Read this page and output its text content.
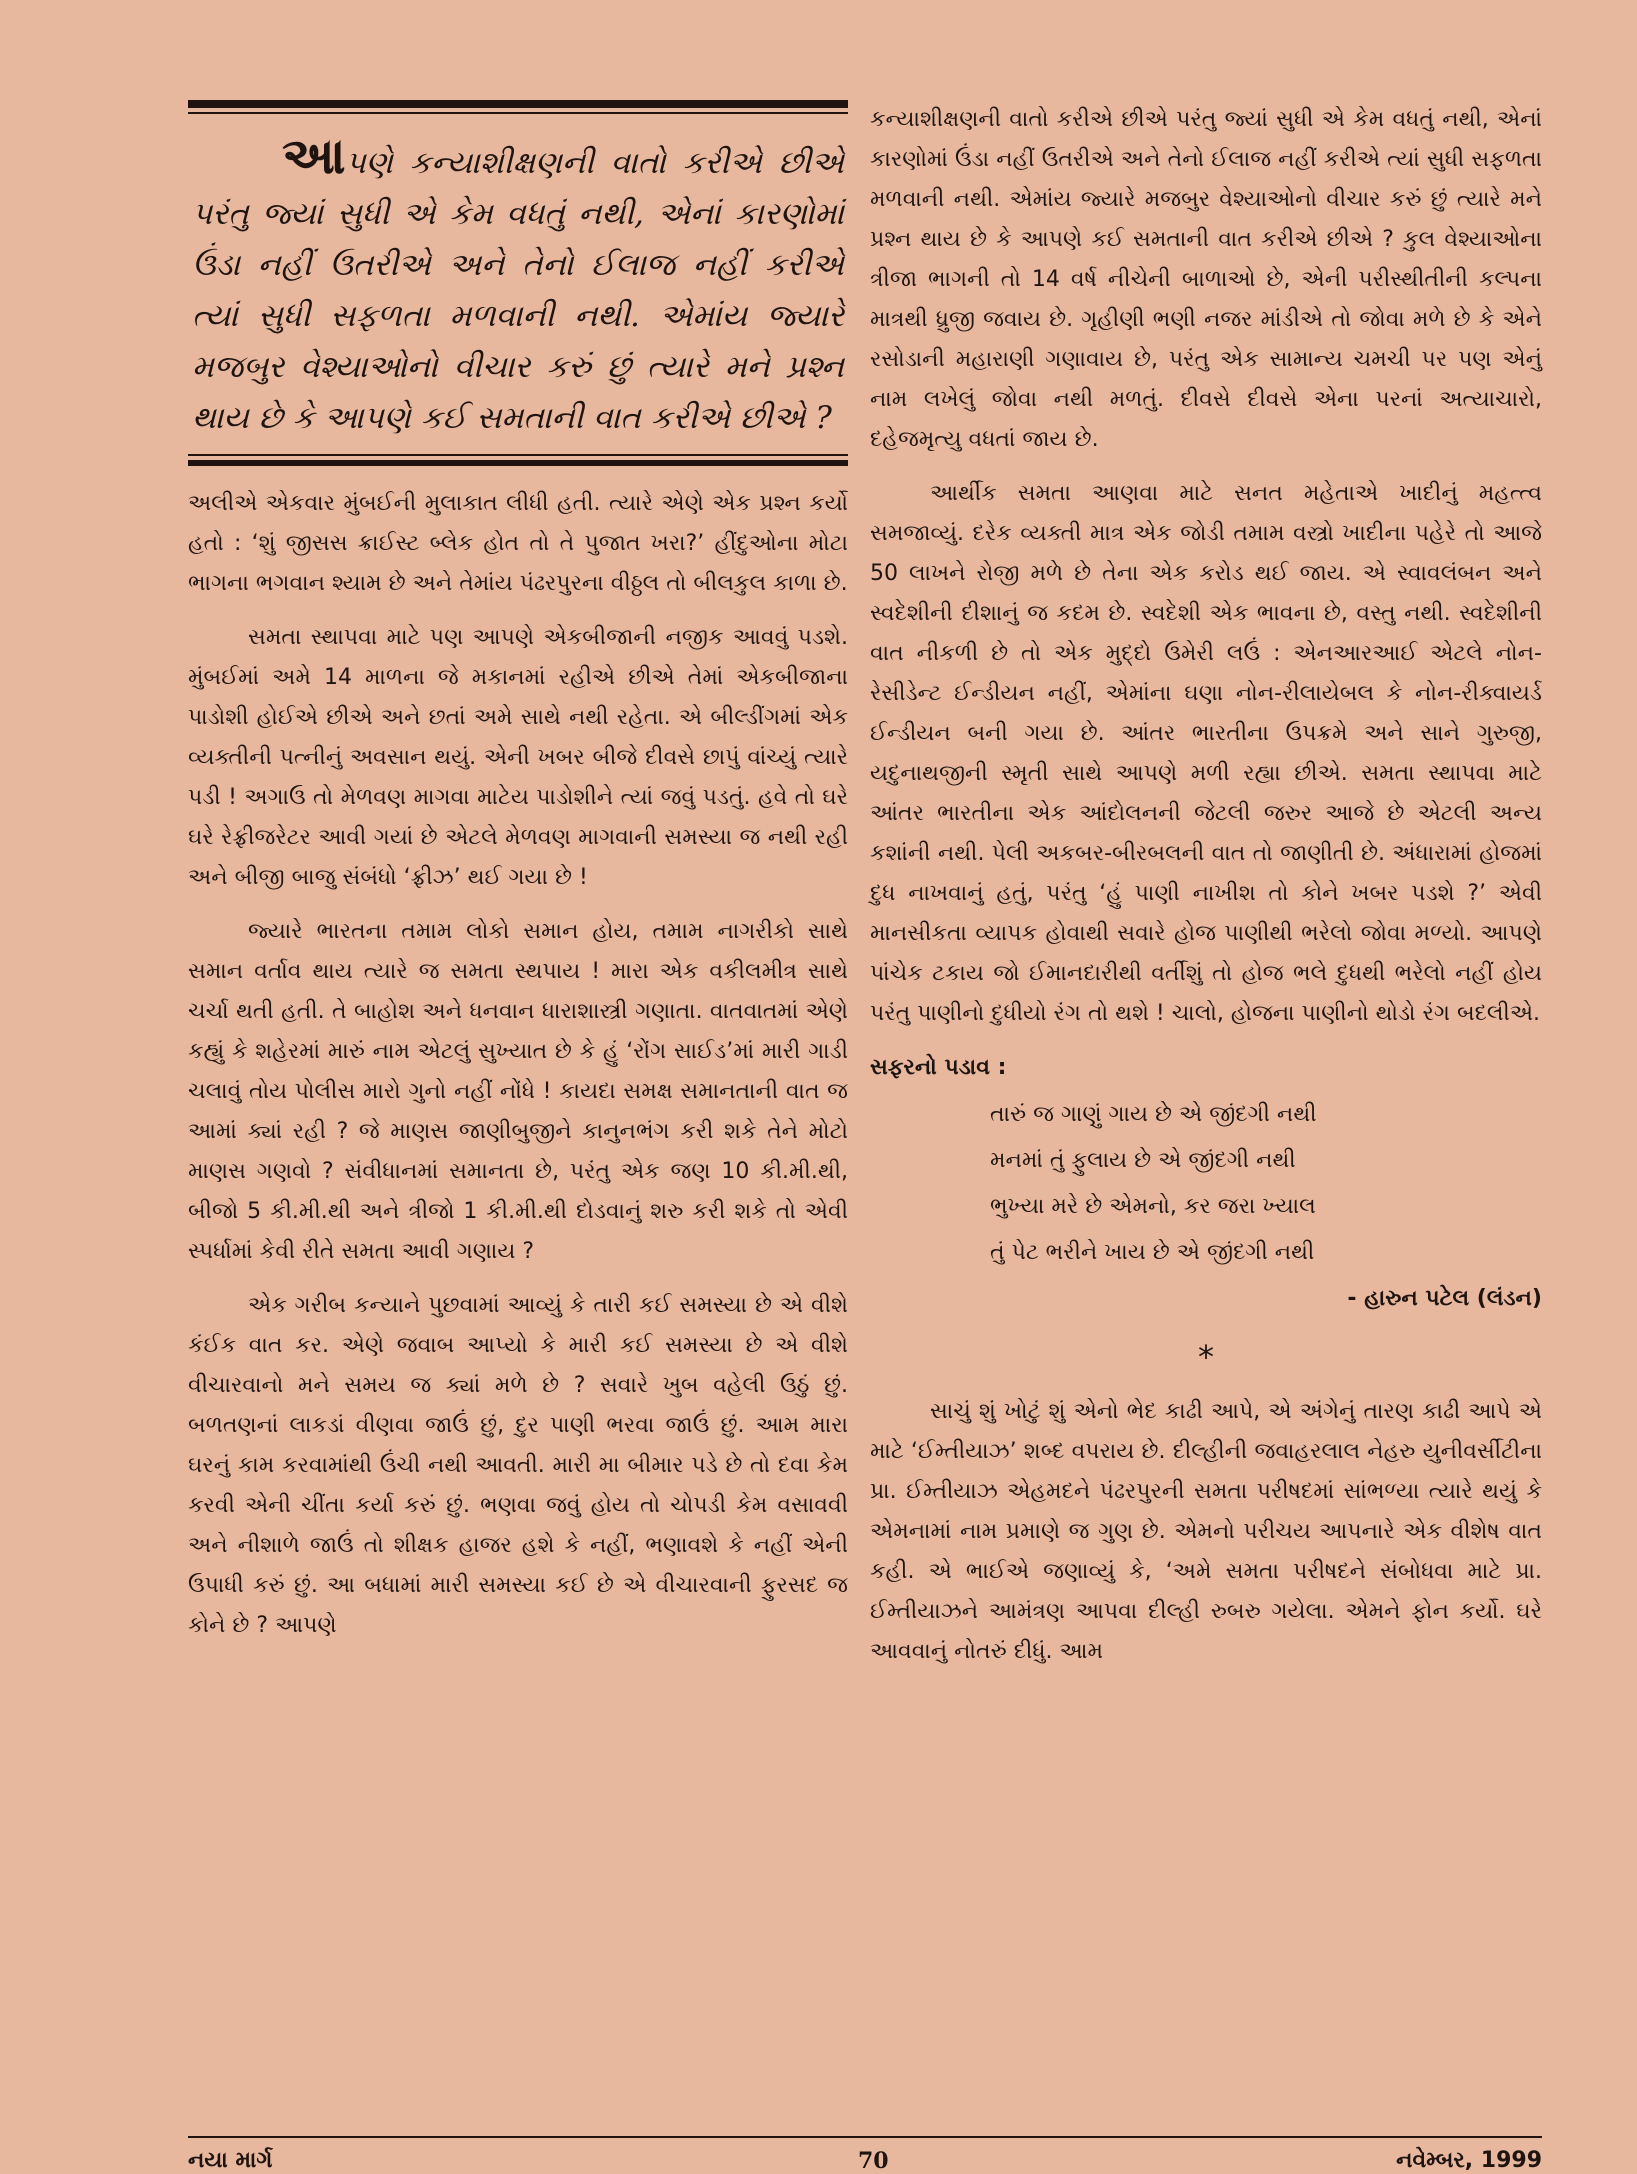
આપણે કન્યાશીક્ષણની વાતો કરીએ છીએ પરંતુ જ્યાં સુધી એ કેમ વધતું નથી, એનાં કારણોમાં ઉંડા નહીં ઉતરીએ અને તેનો ઈલાજ નહીં કરીએ ત્યાં સુધી સફળતા મળવાની નથી. એમાંય જ્યારે મજબુર વેશ્યાઓનો વીચાર કરું છું ત્યારે મને પ્રશ્ન થાય છે કે આપણે કઈ સમતાની વાત કરીએ છીએ ?

અલીએ એકવાર મુંબઈની મુલાકાત લીધી હતી. ત્યારે એણે એક પ્રશ્ન કર્યો હતો : ‘શું જીસસ ક્રાઈસ્ટ બ્લેક હોત તો તે પુજાત ખરા?’ હીંદુઓના મોટા ભાગના ભગવાન શ્યામ છે અને તેમાંય પંઢરપુરના વીઠ્ઠલ તો બીલકુલ કાળા છે.

સમતા સ્થાપવા માટે પણ આપણે એકબીજાની નજીક આવવું પડશે. મુંબઈમાં અમે 14 માળના જે મકાનમાં રહીએ છીએ તેમાં એકબીજાના પાડોશી હોઈએ છીએ અને છતાં અમે સાથે નથી રહેતા. એ બીલ્ડીંગમાં એક વ્યક્તીની પત્નીનું અવસાન થયું. એની ખબર બીજે દીવસે છાપું વાંચ્યું ત્યારે પડી ! અગાઉ તો મેળવણ માગવા માટેય પાડોશીને ત્યાં જવું પડતું. હવે તો ઘરે ઘરે રેફ્રીજરેટર આવી ગયાં છે એટલે મેળવણ માગવાની સમસ્યા જ નથી રહી અને બીજી બાજુ સંબંધો ‘ફ્રીઝ’ થઈ ગયા છે !

જ્યારે ભારતના તમામ લોકો સમાન હોય, તમામ નાગરીકો સાથે સમાન વર્તાવ થાય ત્યારે જ સમતા સ્થપાય ! મારા એક વકીલમીત્ર સાથે ચર્ચા થતી હતી. તે બાહોશ અને ધનવાન ધારાશાસ્ત્રી ગણાતા. વાતવાતમાં એણે કહ્યું કે શહેરમાં મારું નામ એટલું સુખ્યાત છે કે હું ‘રોંગ સાઈડ’માં મારી ગાડી ચલાવું તોય પોલીસ મારો ગુનો નહીં નોંધે ! કાયદા સમક્ષ સમાનતાની વાત જ આમાં ક્યાં રહી ? જે માણસ જાણીબુજીને કાનુનભંગ કરી શકે તેને મોટો માણસ ગણવો ? સંવીધાનમાં સમાનતા છે, પરંતુ એક જણ 10 કી.મી.થી, બીજો 5 કી.મી.થી અને ત્રીજો 1 કી.મી.થી દોડવાનું શરુ કરી શકે તો એવી સ્પર્ધામાં કેવી રીતે સમતા આવી ગણાય ?

એક ગરીબ કન્યાને પુછવામાં આવ્યું કે તારી કઈ સમસ્યા છે એ વીશે કંઈક વાત કર. એણે જવાબ આપ્યો કે મારી કઈ સમસ્યા છે એ વીશે વીચારવાનો મને સમય જ ક્યાં મળે છે ? સવારે ખુબ વહેલી ઉઠું છું. બળતણનાં લાકડાં વીણવા જાઉં છું, દુર પાણી ભરવા જાઉં છું. આમ મારા ઘરનું કામ કરવામાંથી ઉંચી નથી આવતી. મારી મા બીમાર પડે છે તો દવા કેમ કરવી એની ચીંતા કર્યા કરું છું. ભણવા જવું હોય તો ચોપડી કેમ વસાવવી અને નીશાળે જાઉં તો શીક્ષક હાજર હશે કે નહીં, ભણાવશે કે નહીં એની ઉપાધી કરું છું. આ બધામાં મારી સમસ્યા કઈ છે એ વીચારવાની ફુરસદ જ કોને છે ? આપણે

કન્યાશીક્ષણની વાતો કરીએ છીએ પરંતુ જ્યાં સુધી એ કેમ વધતું નથી, એનાં કારણોમાં ઉંડા નહીં ઉતરીએ અને તેનો ઈલાજ નહીં કરીએ ત્યાં સુધી સફળતા મળવાની નથી. એમાંય જ્યારે મજબુર વેશ્યાઓનો વીચાર કરું છું ત્યારે મને પ્રશ્ન થાય છે કે આપણે કઈ સમતાની વાત કરીએ છીએ ? કુલ વેશ્યાઓના ત્રીજા ભાગની તો 14 વર્ષ નીચેની બાળાઓ છે, એની પરીસ્થીતીની કલ્પના માત્રથી ધ્રુજી જવાય છે. ગૃહીણી ભણી નજર માંડીએ તો જોવા મળે છે કે એને રસોડાની મહારાણી ગણાવાય છે, પરંતુ એક સામાન્ય ચમચી પર પણ એનું નામ લખેલું જોવા નથી મળતું. દીવસે દીવસે એના પરનાં અત્યાચારો, દહેજમૃત્યુ વધતાં જાય છે.

આર્થીક સમતા આણવા માટે સનત મહેતાએ ખાદીનું મહત્ત્વ સમજાવ્યું. દરેક વ્યક્તી માત્ર એક જોડી તમામ વસ્ત્રો ખાદીના પહેરે તો આજે 50 લાખને રોજી મળે છે તેના એક કરોડ થઈ જાય. એ સ્વાવલંબન અને સ્વદેશીની દીશાનું જ કદમ છે. સ્વદેશી એક ભાવના છે, વસ્તુ નથી. સ્વદેશીની વાત નીકળી છે તો એક મુદ્દો ઉમેરી લઉં : એનઆરઆઈ એટલે નોન-રેસીડેન્ટ ઈન્ડીયન નહીં, એમાંના ઘણા નોન-રીલાયેબલ કે નોન-રીક્વાયર્ડ ઈન્ડીયન બની ગયા છે. આંતર ભારતીના ઉપક્રમે અને સાને ગુરુજી, યદુનાથજીની સ્મૃતી સાથે આપણે મળી રહ્યા છીએ. સમતા સ્થાપવા માટે આંતર ભારતીના એક આંદોલનની જેટલી જરુર આજે છે એટલી અન્ય કશાંની નથી. પેલી અકબર-બીરબલની વાત તો જાણીતી છે. અંધારામાં હોજમાં દુધ નાખવાનું હતું, પરંતુ ‘હું પાણી નાખીશ તો કોને ખબર પડશે ?’ એવી માનસીકતા વ્યાપક હોવાથી સવારે હોજ પાણીથી ભરેલો જોવા મળ્યો. આપણે પાંચેક ટકાય જો ઈમાનદારીથી વર્તીશું તો હોજ ભલે દુધથી ભરેલો નહીં હોય પરંતુ પાણીનો દુધીયો રંગ તો થશે ! ચાલો, હોજના પાણીનો થોડો રંગ બદલીએ.

સફરનો પડાવ :
તારું જ ગાણું ગાય છે એ જીંદગી નથી
મનમાં તું ફુલાય છે એ જીંદગી નથી
ભુખ્યા મરે છે એમનો, કર જરા ખ્યાલ
તું પેટ ભરીને ખાય છે એ જીંદગી નથી
- હારુન પટેલ (લંડન)
*

સાચું શું ખોટું શું એનો ભેદ કાઢી આપે, એ અંગેનું તારણ કાઢી આપે એ માટે ‘ઈમ્તીયાઝ’ શબ્દ વપરાય છે. દીલ્હીની જવાહરલાલ નેહરુ યુનીવર્સીટીના પ્રા. ઈમ્તીયાઝ એહમદને પંઢરપુરની સમતા પરીષદમાં સાંભળ્યા ત્યારે થયું કે એમનામાં નામ પ્રમાણે જ ગુણ છે. એમનો પરીચય આપનારે એક વીશેષ વાત કહી. એ ભાઈએ જણાવ્યું કે, ‘અમે સમતા પરીષદને સંબોધવા માટે પ્રા. ઈમ્તીયાઝને આમંત્રણ આપવા દીલ્હી રુબરુ ગયેલા. એમને ફોન કર્યો. ઘરે આવવાનું નોતરું દીધું. આમ

નયા માર્ગ	70	નવેમ્બર, 1999
